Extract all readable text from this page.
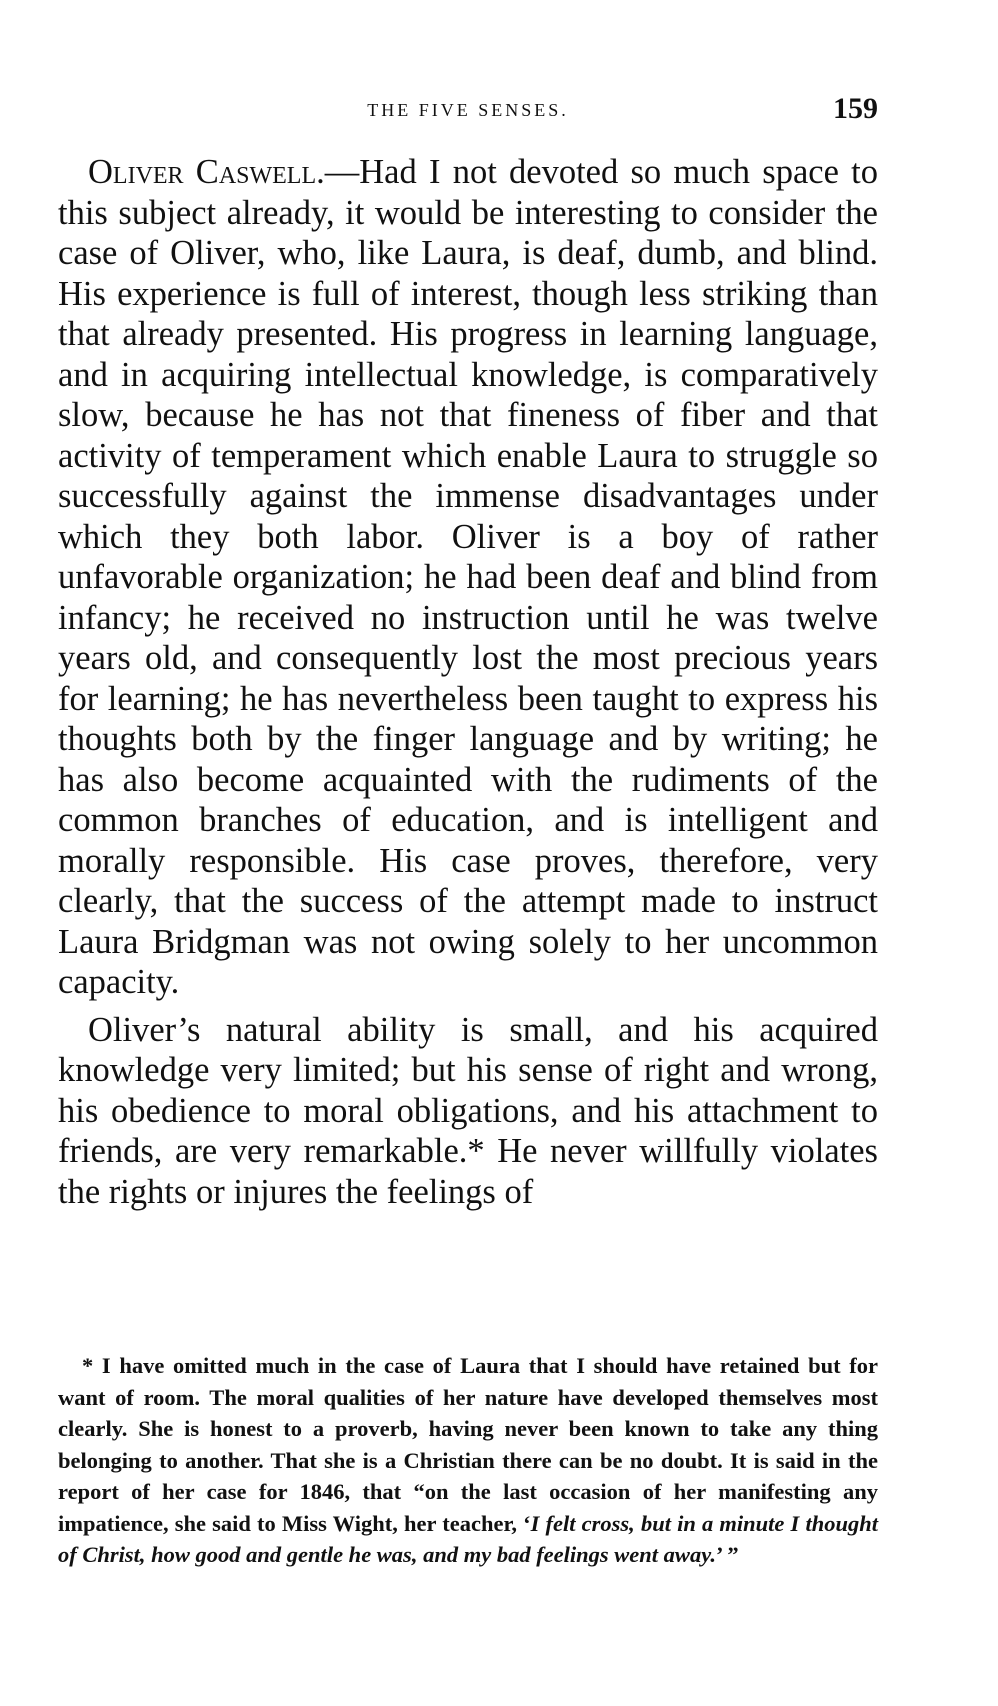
THE FIVE SENSES.	159

Oliver Caswell.—Had I not devoted so much space to this subject already, it would be interesting to consider the case of Oliver, who, like Laura, is deaf, dumb, and blind. His experience is full of interest, though less striking than that already presented. His progress in learning language, and in acquiring intellectual knowledge, is comparatively slow, because he has not that fineness of fiber and that activity of temperament which enable Laura to struggle so successfully against the immense disadvantages under which they both labor. Oliver is a boy of rather unfavorable organization; he had been deaf and blind from infancy; he received no instruction until he was twelve years old, and consequently lost the most precious years for learning; he has nevertheless been taught to express his thoughts both by the finger language and by writing; he has also become acquainted with the rudiments of the common branches of education, and is intelligent and morally responsible. His case proves, therefore, very clearly, that the success of the attempt made to instruct Laura Bridgman was not owing solely to her uncommon capacity.

Oliver’s natural ability is small, and his acquired knowledge very limited; but his sense of right and wrong, his obedience to moral obligations, and his attachment to friends, are very remarkable.* He never willfully violates the rights or injures the feelings of

* I have omitted much in the case of Laura that I should have retained but for want of room. The moral qualities of her nature have developed themselves most clearly. She is honest to a proverb, having never been known to take any thing belonging to another. That she is a Christian there can be no doubt. It is said in the report of her case for 1846, that “on the last occasion of her manifesting any impatience, she said to Miss Wight, her teacher, ‘I felt cross, but in a minute I thought of Christ, how good and gentle he was, and my bad feelings went away.’ ”
